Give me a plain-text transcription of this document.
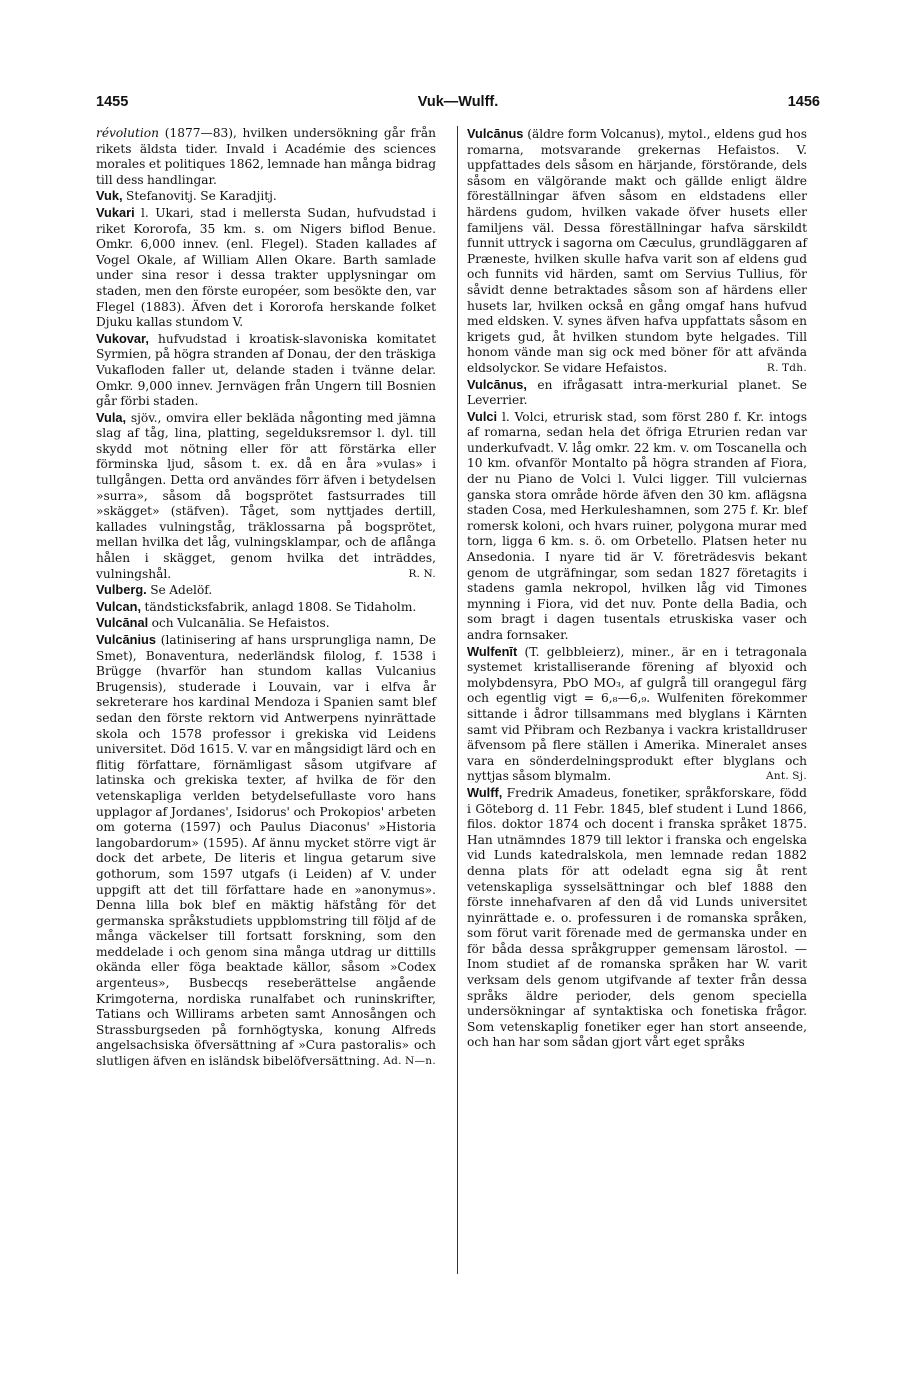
1455	Vuk—Wulff.	1456

révolution (1877—83), hvilken undersökning går från rikets äldsta tider. Invald i Académie des sciences morales et politiques 1862, lemnade han många bidrag till dess handlingar.

Vuk, Stefanovitj. Se Karadjitj.

Vukari l. Ukari, stad i mellersta Sudan, hufvudstad i riket Kororofa, 35 km. s. om Nigers biflod Benue. Omkr. 6,000 innev. (enl. Flegel). Staden kallades af Vogel Okale, af William Allen Okare. Barth samlade under sina resor i dessa trakter upplysningar om staden, men den förste européer, som besökte den, var Flegel (1883). Äfven det i Kororofa herskande folket Djuku kallas stundom V.

Vukovar, hufvudstad i kroatisk-slavoniska komitatet Syrmien, på högra stranden af Donau, der den träskiga Vukafloden faller ut, delande staden i tvänne delar. Omkr. 9,000 innev. Jernvägen från Ungern till Bosnien går förbi staden.

Vula, sjöv., omvira eller bekläda någonting med jämna slag af tåg, lina, platting, segelduksremsor l. dyl. till skydd mot nötning eller för att förstärka eller förminska ljud, såsom t. ex. då en åra »vulas» i tullgången. Detta ord användes förr äfven i betydelsen »surra», såsom då bogsprötet fastsurrades till »skägget» (stäfven). Tåget, som nyttjades dertill, kallades vulningståg, träklossarna på bogsprötet, mellan hvilka det låg, vulningsklampar, och de aflånga hålen i skägget, genom hvilka det inträddes, vulningshål.	R. N.

Vulberg. Se Adelöf.

Vulcan, tändsticksfabrik, anlagd 1808. Se Tidaholm.

Vulcānal och Vulcanālia. Se Hefaistos.

Vulcānius (latinisering af hans ursprungliga namn, De Smet), Bonaventura, nederländsk filolog, f. 1538 i Brügge (hvarför han stundom kallas Vulcanius Brugensis), studerade i Louvain, var i elfva år sekreterare hos kardinal Mendoza i Spanien samt blef sedan den förste rektorn vid Antwerpens nyinrättade skola och 1578 professor i grekiska vid Leidens universitet. Död 1615. V. var en mångsidigt lärd och en flitig författare, förnämligast såsom utgifvare af latinska och grekiska texter, af hvilka de för den vetenskapliga verlden betydelsefullaste voro hans upplagor af Jordanes', Isidorus' och Prokopios' arbeten om goterna (1597) och Paulus Diaconus' »Historia langobardorum» (1595). Af ännu mycket större vigt är dock det arbete, De literis et lingua getarum sive gothorum, som 1597 utgafs (i Leiden) af V. under uppgift att det till författare hade en »anonymus». Denna lilla bok blef en mäktig häfstång för det germanska språkstudiets uppblomstring till följd af de många väckelser till fortsatt forskning, som den meddelade i och genom sina många utdrag ur dittills okända eller föga beaktade källor, såsom »Codex argenteus», Busbecqs reseberättelse angående Krimgoterna, nordiska runalfabet och runinskrifter, Tatians och Willirams arbeten samt Annosången och Strassburgseden på fornhögtyska, konung Alfreds angelsachsiska öfversättning af »Cura pastoralis» och slutligen äfven en isländsk bibelöfversättning. Ad. N—n.

Vulcānus (äldre form Volcanus), mytol., eldens gud hos romarna, motsvarande grekernas Hefaistos. V. uppfattades dels såsom en härjande, förstörande, dels såsom en välgörande makt och gällde enligt äldre föreställningar äfven såsom en eldstadens eller härdens gudom, hvilken vakade öfver husets eller familjens väl. Dessa föreställningar hafva särskildt funnit uttryck i sagorna om Cæculus, grundläggaren af Præneste, hvilken skulle hafva varit son af eldens gud och funnits vid härden, samt om Servius Tullius, för såvidt denne betraktades såsom son af härdens eller husets lar, hvilken också en gång omgaf hans hufvud med eldsken. V. synes äfven hafva uppfattats såsom en krigets gud, åt hvilken stundom byte helgades. Till honom vände man sig ock med böner för att afvända eldsolyckor. Se vidare Hefaistos.	R. Tdh.

Vulcānus, en ifrågasatt intra-merkurial planet. Se Leverrier.

Vulci l. Volci, etrurisk stad, som först 280 f. Kr. intogs af romarna, sedan hela det öfriga Etrurien redan var underkufvadt. V. låg omkr. 22 km. v. om Toscanella och 10 km. ofvanför Montalto på högra stranden af Fiora, der nu Piano de Volci l. Vulci ligger. Till vulciernas ganska stora område hörde äfven den 30 km. aflägsna staden Cosa, med Herkuleshamnen, som 275 f. Kr. blef romersk koloni, och hvars ruiner, polygona murar med torn, ligga 6 km. s. ö. om Orbetello. Platsen heter nu Ansedonia. I nyare tid är V. företrädesvis bekant genom de utgräfningar, som sedan 1827 företagits i stadens gamla nekropol, hvilken låg vid Timones mynning i Fiora, vid det nuv. Ponte della Badia, och som bragt i dagen tusentals etruskiska vaser och andra fornsaker.

Wulfenīt (T. gelbbleierz), miner., är en i tetragonala systemet kristalliserande förening af blyoxid och molybdensyra, PbO MO₃, af gulgrå till orangegul färg och egentlig vigt = 6,₈—6,₉. Wulfeniten förekommer sittande i ådror tillsammans med blyglans i Kärnten samt vid Přibram och Rezbanya i vackra kristalldruser äfvensom på flere ställen i Amerika. Mineralet anses vara en sönderdelningsprodukt efter blyglans och nyttjas såsom blymalm.	Ant. Sj.

Wulff, Fredrik Amadeus, fonetiker, språkforskare, född i Göteborg d. 11 Febr. 1845, blef student i Lund 1866, filos. doktor 1874 och docent i franska språket 1875. Han utnämndes 1879 till lektor i franska och engelska vid Lunds katedralskola, men lemnade redan 1882 denna plats för att odeladt egna sig åt rent vetenskapliga sysselsättningar och blef 1888 den förste innehafvaren af den då vid Lunds universitet nyinrättade e. o. professuren i de romanska språken, som förut varit förenade med de germanska under en för båda dessa språkgrupper gemensam lärostol. — Inom studiet af de romanska språken har W. varit verksam dels genom utgifvande af texter från dessa språks äldre perioder, dels genom speciella undersökningar af syntaktiska och fonetiska frågor. Som vetenskaplig fonetiker eger han stort anseende, och han har som sådan gjort vårt eget språks
